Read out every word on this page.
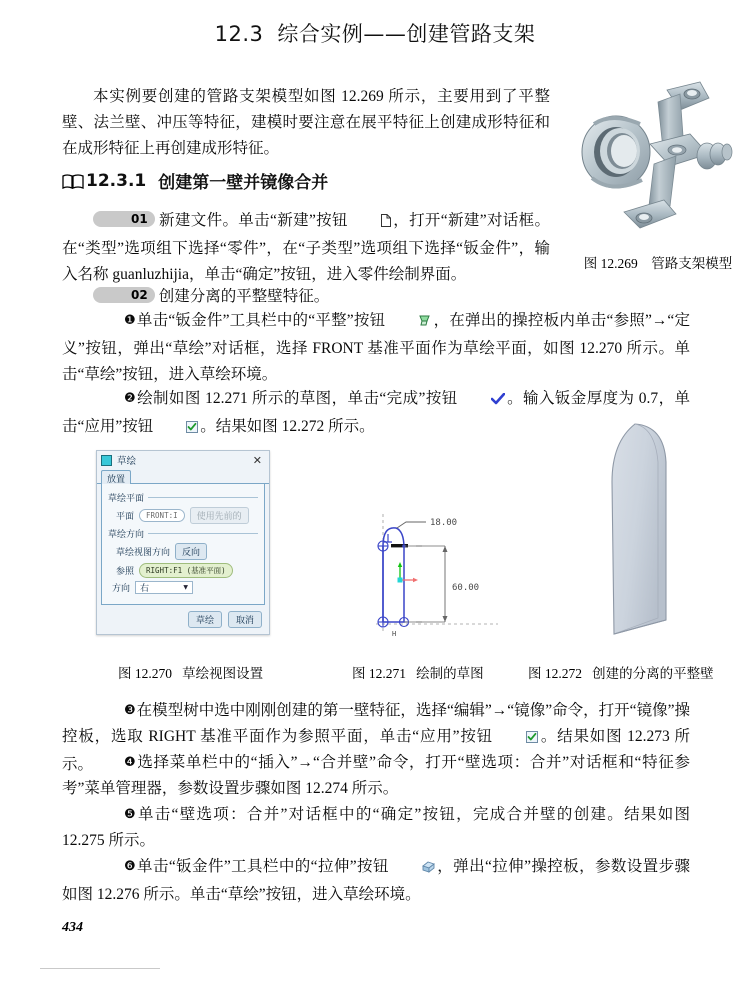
12.3 综合实例——创建管路支架
本实例要创建的管路支架模型如图 12.269 所示，主要用到了平整壁、法兰壁、冲压等特征，建模时要注意在展平特征上创建成形特征和在成形特征上再创建成形特征。
图 12.269 管路支架模型
12.3.1 创建第一壁并镜像合并
01 新建文件。单击“新建”按钮	，打开“新建”对话框。在“类型”选项组下选择“零件”，在“子类型”选项组下选择“钣金件”，输入名称 guanluzhijia，单击“确定”按钮，进入零件绘制界面。
02 创建分离的平整壁特征。
❶单击“钣金件”工具栏中的“平整”按钮	，在弹出的操控板内单击“参照”→“定义”按钮，弹出“草绘”对话框，选择 FRONT 基准平面作为草绘平面，如图 12.270 所示。单击“草绘”按钮，进入草绘环境。
❷绘制如图 12.271 所示的草图，单击“完成”按钮	。输入钣金厚度为 0.7，单击“应用”按钮	。结果如图 12.272 所示。
草绘	✕
放置
草绘平面
平面	FRONT:I	使用先前的
草绘方向
草绘视图方向	反向
参照	RIGHT:F1 (基准平面)
方向 右	▼
草绘	取消
18.00
60.00
H
图 12.270 草绘视图设置	图 12.271 绘制的草图	图 12.272 创建的分离的平整壁
❸在模型树中选中刚刚创建的第一壁特征，选择“编辑”→“镜像”命令，打开“镜像”操控板，选取 RIGHT 基准平面作为参照平面，单击“应用”按钮	。结果如图 12.273 所示。	❹选择菜单栏中的“插入”→“合并壁”命令，打开“壁选项：合并”对话框和“特征参考”菜单管理器，参数设置步骤如图 12.274 所示。
❺单击“壁选项：合并”对话框中的“确定”按钮，完成合并壁的创建。结果如图 12.275 所示。
❻单击“钣金件”工具栏中的“拉伸”按钮	，弹出“拉伸”操控板，参数设置步骤如图 12.276 所示。单击“草绘”按钮，进入草绘环境。
434
